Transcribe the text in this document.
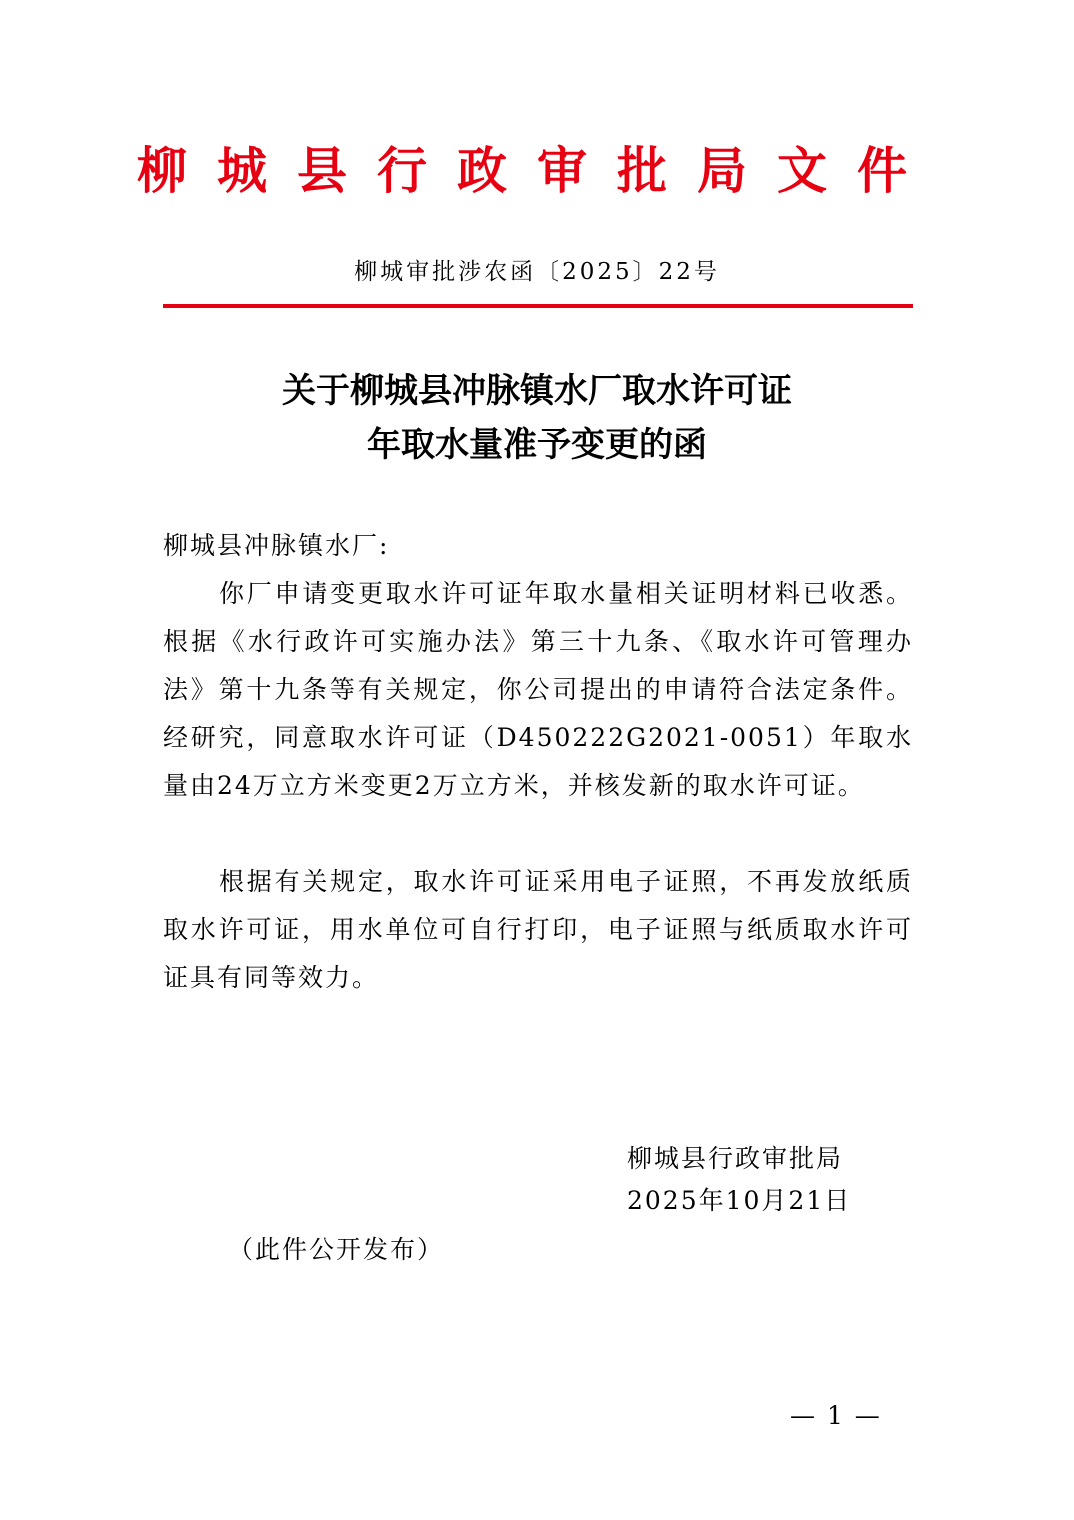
柳城县行政审批局文件
柳城审批涉农函〔2025〕22号
关于柳城县冲脉镇水厂取水许可证
年取水量准予变更的函
柳城县冲脉镇水厂:
你厂申请变更取水许可证年取水量相关证明材料已收悉。根据《水行政许可实施办法》第三十九条、《取水许可管理办法》第十九条等有关规定，你公司提出的申请符合法定条件。经研究，同意取水许可证（D450222G2021-0051）年取水量由24万立方米变更2万立方米，并核发新的取水许可证。
根据有关规定，取水许可证采用电子证照，不再发放纸质取水许可证，用水单位可自行打印，电子证照与纸质取水许可证具有同等效力。
柳城县行政审批局
2025年10月21日
（此件公开发布）
— 1 —
